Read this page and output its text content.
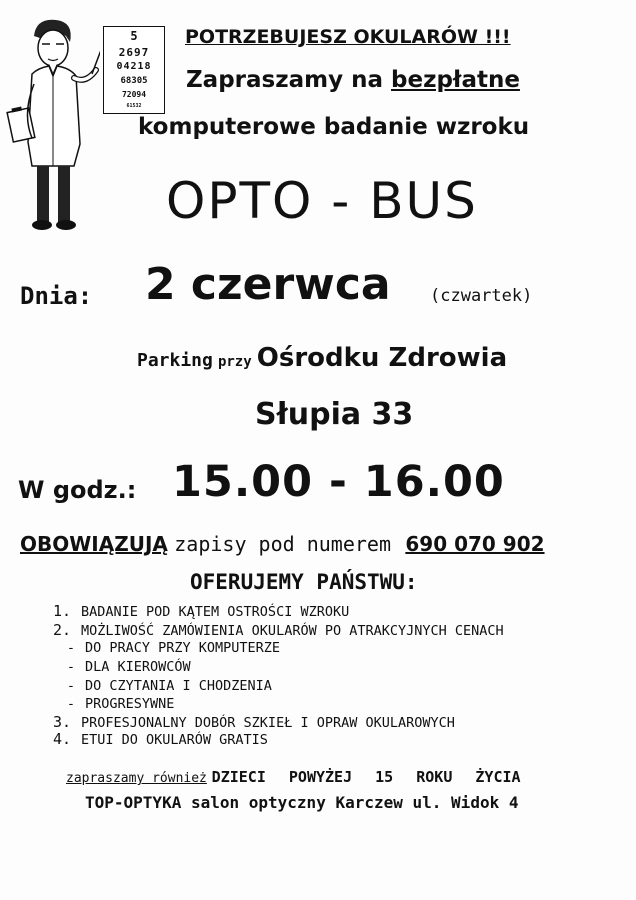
5
2697
04218
68305
72094
61532
POTRZEBUJESZ OKULARÓW !!!
Zapraszamy na bezpłatne
komputerowe badanie wzroku
OPTO - BUS
Dnia: 2 czerwca (czwartek)
Parking przy Ośrodku Zdrowia
Słupia 33
W godz.: 15.00 - 16.00
OBOWIĄZUJĄ zapisy pod numerem 690 070 902
OFERUJEMY PAŃSTWU:
1. BADANIE POD KĄTEM OSTROŚCI WZROKU
2. MOŻLIWOŚĆ ZAMÓWIENIA OKULARÓW PO ATRAKCYJNYCH CENACH
- DO PRACY PRZY KOMPUTERZE
- DLA KIEROWCÓW
- DO CZYTANIA I CHODZENIA
- PROGRESYWNE
3. PROFESJONALNY DOBÓR SZKIEŁ I OPRAW OKULAROWYCH
4. ETUI DO OKULARÓW GRATIS
zapraszamy również DZIECI POWYŻEJ 15 ROKU ŻYCIA
TOP-OPTYKA salon optyczny Karczew ul. Widok 4
